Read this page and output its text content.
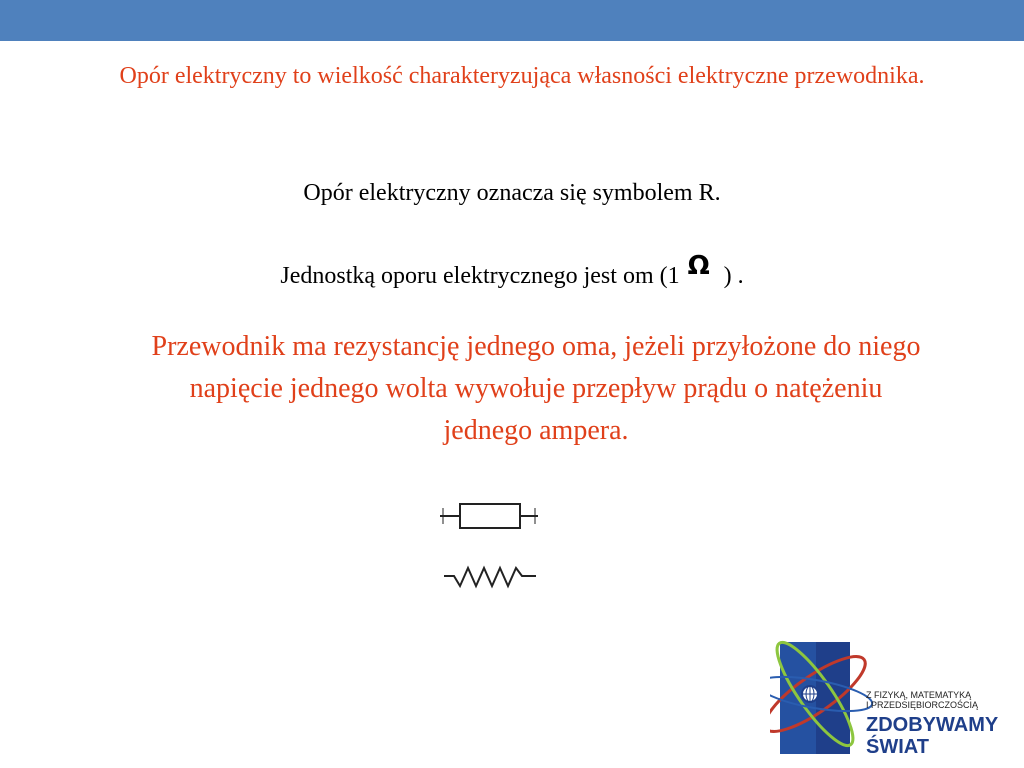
Opór elektryczny to wielkość charakteryzująca własności elektryczne przewodnika.
Opór elektryczny oznacza się symbolem R.
Jednostką oporu elektrycznego jest om (1 Ω ) .
Przewodnik ma rezystancję jednego oma, jeżeli przyłożone do niego napięcie jednego wolta wywołuje przepływ prądu o natężeniu jednego ampera.
Z FIZYKĄ, MATEMATYKĄ
I PRZEDSIĘBIORCZOŚCIĄ
ZDOBYWAMY
ŚWIAT
